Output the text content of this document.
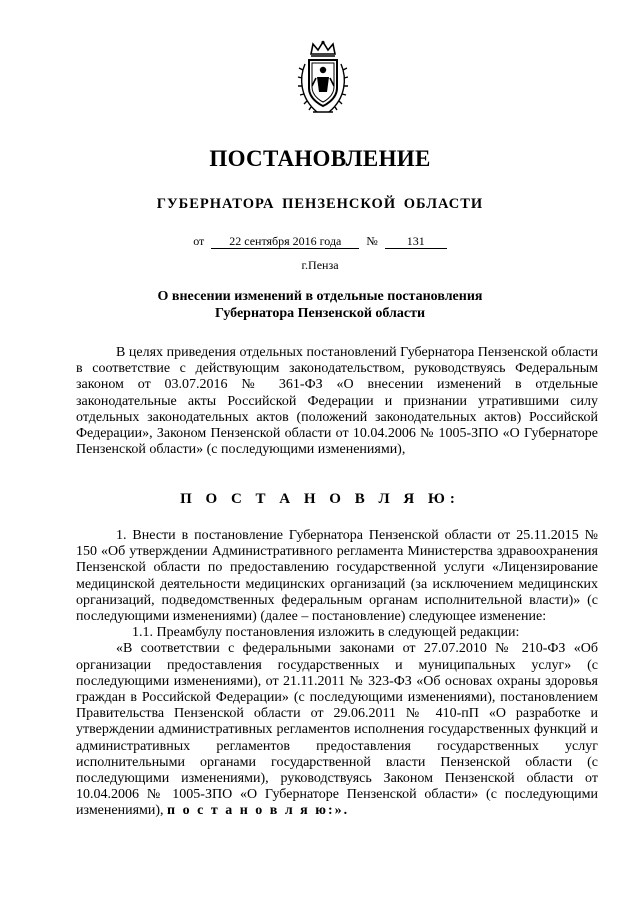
ПОСТАНОВЛЕНИЕ
ГУБЕРНАТОРА ПЕНЗЕНСКОЙ ОБЛАСТИ
от 22 сентября 2016 года № 131
г.Пенза
О внесении изменений в отдельные постановления
Губернатора Пензенской области

В целях приведения отдельных постановлений Губернатора Пензенской области в соответствие с действующим законодательством, руководствуясь Федеральным законом от 03.07.2016 № 361-ФЗ «О внесении изменений в отдельные законодательные акты Российской Федерации и признании утратившими силу отдельных законодательных актов (положений законодательных актов) Российской Федерации», Законом Пензенской области от 10.04.2006 № 1005-ЗПО «О Губернаторе Пензенской области» (с последующими изменениями),

П О С Т А Н О В Л Я Ю:

1. Внести в постановление Губернатора Пензенской области от 25.11.2015 № 150 «Об утверждении Административного регламента Министерства здравоохранения Пензенской области по предоставлению государственной услуги «Лицензирование медицинской деятельности медицинских организаций (за исключением медицинских организаций, подведомственных федеральным органам исполнительной власти)» (с последующими изменениями) (далее – постановление) следующее изменение:

1.1. Преамбулу постановления изложить в следующей редакции:

«В соответствии с федеральными законами от 27.07.2010 № 210-ФЗ «Об организации предоставления государственных и муниципальных услуг» (с последующими изменениями), от 21.11.2011 № 323-ФЗ «Об основах охраны здоровья граждан в Российской Федерации» (с последующими изменениями), постановлением Правительства Пензенской области от 29.06.2011 № 410-пП «О разработке и утверждении административных регламентов исполнения государственных функций и административных регламентов предоставления государственных услуг исполнительными органами государственной власти Пензенской области (с последующими изменениями), руководствуясь Законом Пензенской области от 10.04.2006 № 1005-ЗПО «О Губернаторе Пензенской области» (с последующими изменениями), п о с т а н о в л я ю:».
